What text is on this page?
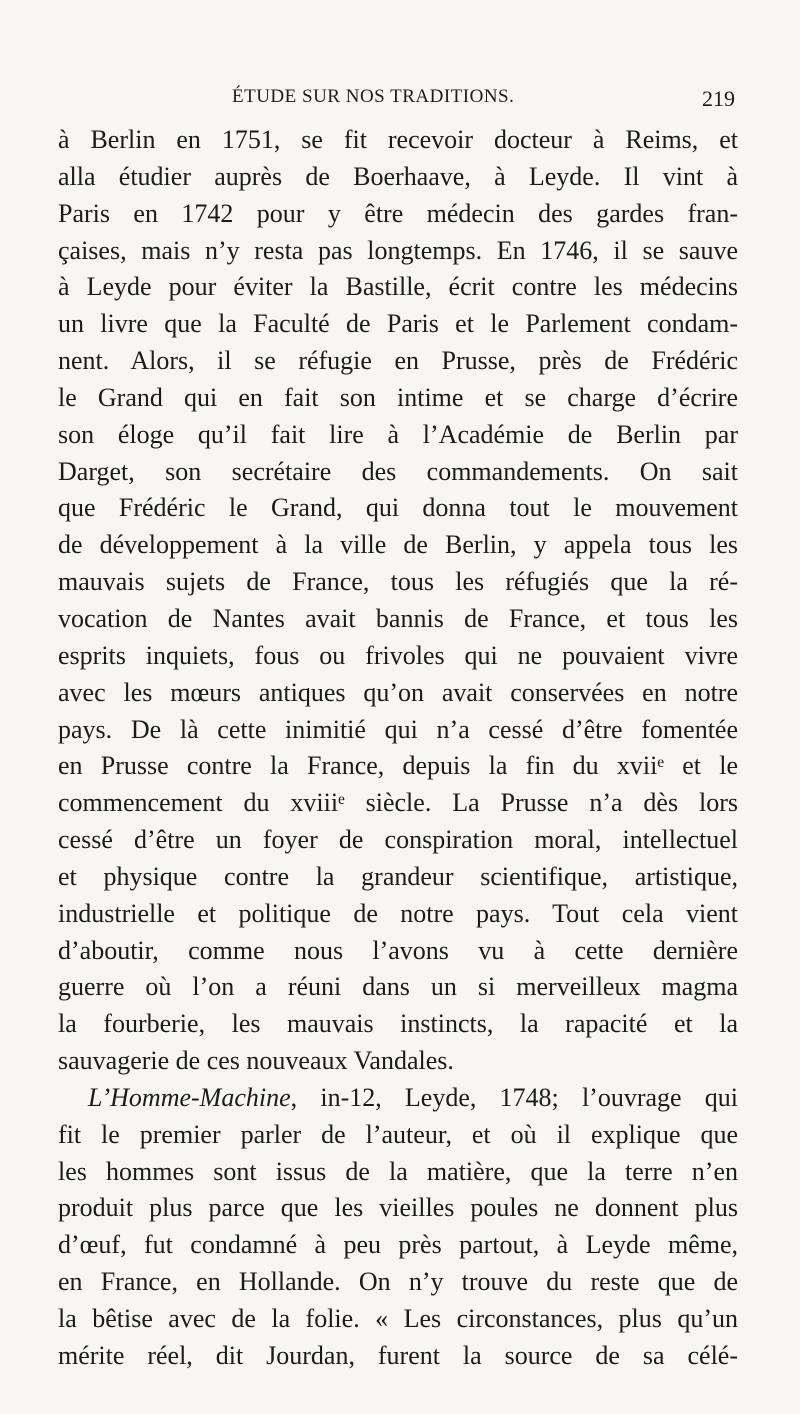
ÉTUDE SUR NOS TRADITIONS.	219
à Berlin en 1751, se fit recevoir docteur à Reims, et
alla étudier auprès de Boerhaave, à Leyde. Il vint à
Paris en 1742 pour y être médecin des gardes fran-
çaises, mais n’y resta pas longtemps. En 1746, il se sauve
à Leyde pour éviter la Bastille, écrit contre les médecins
un livre que la Faculté de Paris et le Parlement condam-
nent. Alors, il se réfugie en Prusse, près de Frédéric
le Grand qui en fait son intime et se charge d’écrire
son éloge qu’il fait lire à l’Académie de Berlin par
Darget, son secrétaire des commandements. On sait
que Frédéric le Grand, qui donna tout le mouvement
de développement à la ville de Berlin, y appela tous les
mauvais sujets de France, tous les réfugiés que la ré-
vocation de Nantes avait bannis de France, et tous les
esprits inquiets, fous ou frivoles qui ne pouvaient vivre
avec les mœurs antiques qu’on avait conservées en notre
pays. De là cette inimitié qui n’a cessé d’être fomentée
en Prusse contre la France, depuis la fin du xviiᵉ et le
commencement du xviiiᵉ siècle. La Prusse n’a dès lors
cessé d’être un foyer de conspiration moral, intellectuel
et physique contre la grandeur scientifique, artistique,
industrielle et politique de notre pays. Tout cela vient
d’aboutir, comme nous l’avons vu à cette dernière
guerre où l’on a réuni dans un si merveilleux magma
la fourberie, les mauvais instincts, la rapacité et la
sauvagerie de ces nouveaux Vandales.
L’Homme-Machine, in-12, Leyde, 1748; l’ouvrage qui
fit le premier parler de l’auteur, et où il explique que
les hommes sont issus de la matière, que la terre n’en
produit plus parce que les vieilles poules ne donnent plus
d’œuf, fut condamné à peu près partout, à Leyde même,
en France, en Hollande. On n’y trouve du reste que de
la bêtise avec de la folie. « Les circonstances, plus qu’un
mérite réel, dit Jourdan, furent la source de sa célé-
